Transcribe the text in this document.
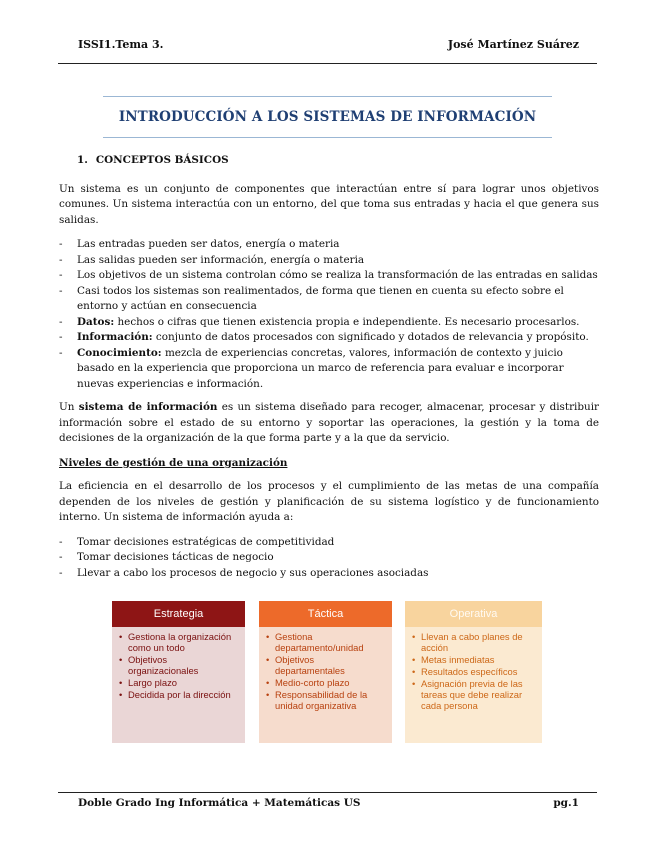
ISSI1.Tema 3.	José Martínez Suárez
INTRODUCCIÓN A LOS SISTEMAS DE INFORMACIÓN
1. CONCEPTOS BÁSICOS

Un sistema es un conjunto de componentes que interactúan entre sí para lograr unos objetivos comunes. Un sistema interactúa con un entorno, del que toma sus entradas y hacia el que genera sus salidas.

- Las entradas pueden ser datos, energía o materia
- Las salidas pueden ser información, energía o materia
- Los objetivos de un sistema controlan cómo se realiza la transformación de las entradas en salidas
- Casi todos los sistemas son realimentados, de forma que tienen en cuenta su efecto sobre el entorno y actúan en consecuencia
- Datos: hechos o cifras que tienen existencia propia e independiente. Es necesario procesarlos.
- Información: conjunto de datos procesados con significado y dotados de relevancia y propósito.
- Conocimiento: mezcla de experiencias concretas, valores, información de contexto y juicio basado en la experiencia que proporciona un marco de referencia para evaluar e incorporar nuevas experiencias e información.

Un sistema de información es un sistema diseñado para recoger, almacenar, procesar y distribuir información sobre el estado de su entorno y soportar las operaciones, la gestión y la toma de decisiones de la organización de la que forma parte y a la que da servicio.

Niveles de gestión de una organización

La eficiencia en el desarrollo de los procesos y el cumplimiento de las metas de una compañía dependen de los niveles de gestión y planificación de su sistema logístico y de funcionamiento interno. Un sistema de información ayuda a:

- Tomar decisiones estratégicas de competitividad
- Tomar decisiones tácticas de negocio
- Llevar a cabo los procesos de negocio y sus operaciones asociadas
Estrategia
• Gestiona la organización como un todo
• Objetivos organizacionales
• Largo plazo
• Decidida por la dirección
Táctica
• Gestiona departamento/unidad
• Objetivos departamentales
• Medio-corto plazo
• Responsabilidad de la unidad organizativa
Operativa
• Llevan a cabo planes de acción
• Metas inmediatas
• Resultados específicos
• Asignación previa de las tareas que debe realizar cada persona
Doble Grado Ing Informática + Matemáticas US	pg.1
